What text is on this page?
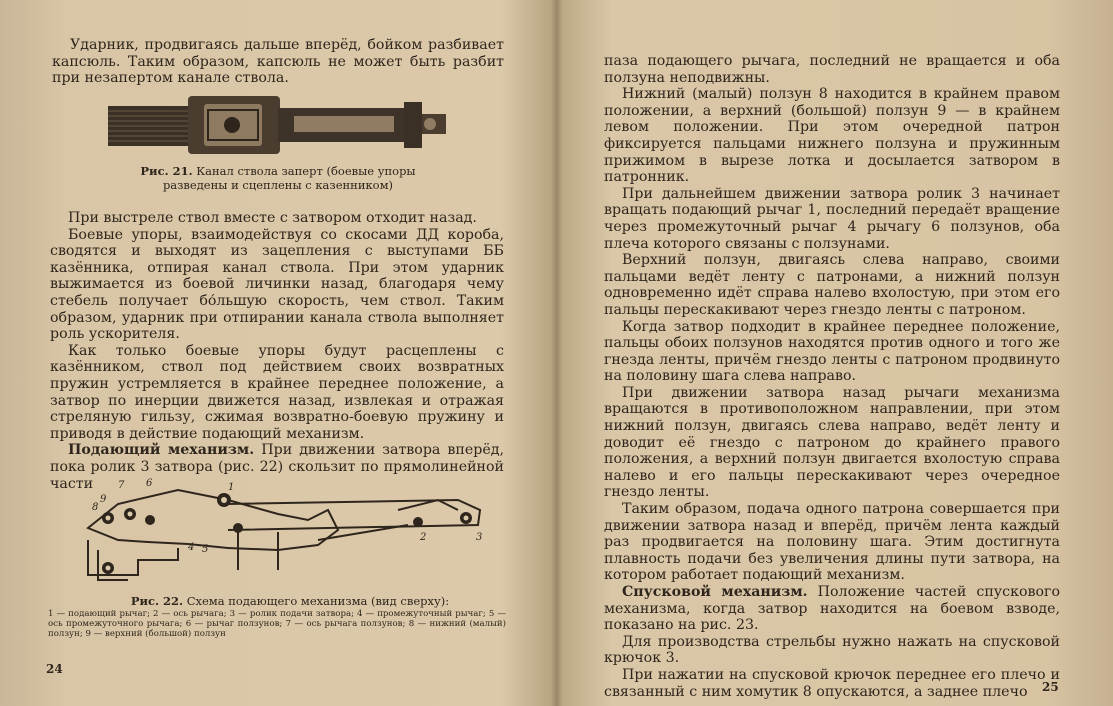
Ударник, продвигаясь дальше вперёд, бойком разбивает капсюль. Таким образом, капсюль не может быть разбит при незапертом канале ствола.

Рис. 21. Канал ствола заперт (боевые упоры разведены и сцеплены с казенником)

При выстреле ствол вместе с затвором отходит назад.

Боевые упоры, взаимодействуя со скосами ДД короба, сводятся и выходят из зацепления с выступами ББ казённика, отпирая канал ствола. При этом ударник выжимается из боевой личинки назад, благодаря чему стебель получает бо́льшую скорость, чем ствол. Таким образом, ударник при отпирании канала ствола выполняет роль ускорителя.

Как только боевые упоры будут расцеплены с казёнником, ствол под действием своих возвратных пружин устремляется в крайнее переднее положение, а затвор по инерции движется назад, извлекая и отражая стреляную гильзу, сжимая возвратно-боевую пружину и приводя в действие подающий механизм.

Подающий механизм. При движении затвора вперёд, пока ролик 3 затвора (рис. 22) скользит по прямолинейной части	7 6
8
9
4 5
1
2	3
Рис. 22. Схема подающего механизма (вид сверху):
1 — подающий рычаг; 2 — ось рычага; 3 — ролик подачи затвора; 4 — промежуточный рычаг; 5 — ось промежуточного рычага; 6 — рычаг ползунов; 7 — ось рычага ползунов; 8 — нижний (малый) ползун; 9 — верхний (большой) ползун
24

паза подающего рычага, последний не вращается и оба ползуна неподвижны.

Нижний (малый) ползун 8 находится в крайнем правом положении, а верхний (большой) ползун 9 — в крайнем левом положении. При этом очередной патрон фиксируется пальцами нижнего ползуна и пружинным прижимом в вырезе лотка и досылается затвором в патронник.

При дальнейшем движении затвора ролик 3 начинает вращать подающий рычаг 1, последний передаёт вращение через промежуточный рычаг 4 рычагу 6 ползунов, оба плеча которого связаны с ползунами.

Верхний ползун, двигаясь слева направо, своими пальцами ведёт ленту с патронами, а нижний ползун одновременно идёт справа налево вхолостую, при этом его пальцы перескакивают через гнездо ленты с патроном.

Когда затвор подходит в крайнее переднее положение, пальцы обоих ползунов находятся против одного и того же гнезда ленты, причём гнездо ленты с патроном продвинуто на половину шага слева направо.

При движении затвора назад рычаги механизма вращаются в противоположном направлении, при этом нижний ползун, двигаясь слева направо, ведёт ленту и доводит её гнездо с патроном до крайнего правого положения, а верхний ползун двигается вхолостую справа налево и его пальцы перескакивают через очередное гнездо ленты.

Таким образом, подача одного патрона совершается при движении затвора назад и вперёд, причём лента каждый раз продвигается на половину шага. Этим достигнута плавность подачи без увеличения длины пути затвора, на котором работает подающий механизм.

Спусковой механизм. Положение частей спускового механизма, когда затвор находится на боевом взводе, показано на рис. 23.

Для производства стрельбы нужно нажать на спусковой крючок 3.

При нажатии на спусковой крючок переднее его плечо и связанный с ним хомутик 8 опускаются, а заднее плечо	25
